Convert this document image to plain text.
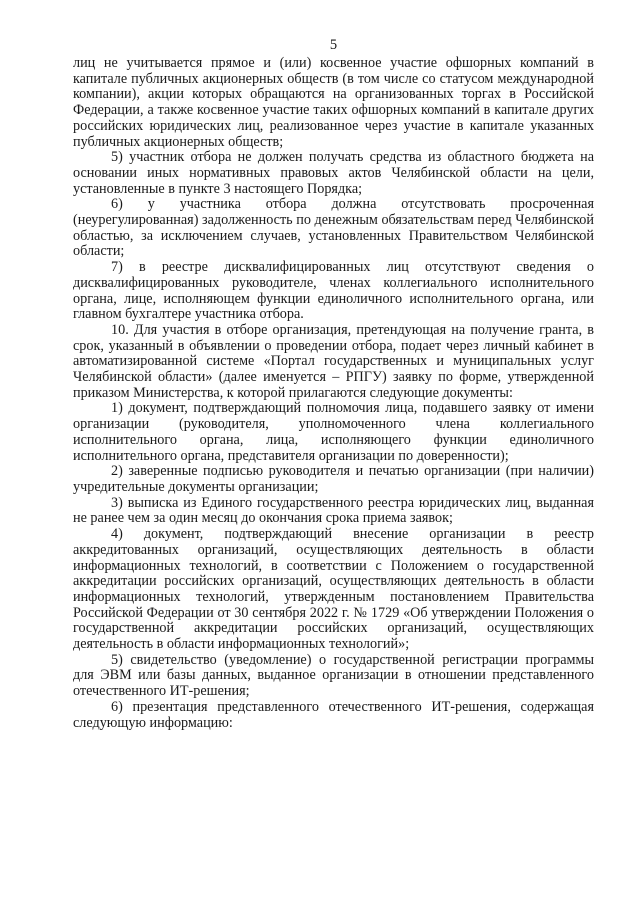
5

лиц не учитывается прямое и (или) косвенное участие офшорных компаний в капитале публичных акционерных обществ (в том числе со статусом международной компании), акции которых обращаются на организованных торгах в Российской Федерации, а также косвенное участие таких офшорных компаний в капитале других российских юридических лиц, реализованное через участие в капитале указанных публичных акционерных обществ;

5) участник отбора не должен получать средства из областного бюджета на основании иных нормативных правовых актов Челябинской области на цели, установленные в пункте 3 настоящего Порядка;

6) у участника отбора должна отсутствовать просроченная (неурегулированная) задолженность по денежным обязательствам перед Челябинской областью, за исключением случаев, установленных Правительством Челябинской области;

7) в реестре дисквалифицированных лиц отсутствуют сведения о дисквалифицированных руководителе, членах коллегиального исполнительного органа, лице, исполняющем функции единоличного исполнительного органа, или главном бухгалтере участника отбора.

10. Для участия в отборе организация, претендующая на получение гранта, в срок, указанный в объявлении о проведении отбора, подает через личный кабинет в автоматизированной системе «Портал государственных и муниципальных услуг Челябинской области» (далее именуется – РПГУ) заявку по форме, утвержденной приказом Министерства, к которой прилагаются следующие документы:

1) документ, подтверждающий полномочия лица, подавшего заявку от имени организации (руководителя, уполномоченного члена коллегиального исполнительного органа, лица, исполняющего функции единоличного исполнительного органа, представителя организации по доверенности);

2) заверенные подписью руководителя и печатью организации (при наличии) учредительные документы организации;

3) выписка из Единого государственного реестра юридических лиц, выданная не ранее чем за один месяц до окончания срока приема заявок;

4) документ, подтверждающий внесение организации в реестр аккредитованных организаций, осуществляющих деятельность в области информационных технологий, в соответствии с Положением о государственной аккредитации российских организаций, осуществляющих деятельность в области информационных технологий, утвержденным постановлением Правительства Российской Федерации от 30 сентября 2022 г. № 1729 «Об утверждении Положения о государственной аккредитации российских организаций, осуществляющих деятельность в области информационных технологий»;

5) свидетельство (уведомление) о государственной регистрации программы для ЭВМ или базы данных, выданное организации в отношении представленного отечественного ИТ-решения;

6) презентация представленного отечественного ИТ-решения, содержащая следующую информацию:
